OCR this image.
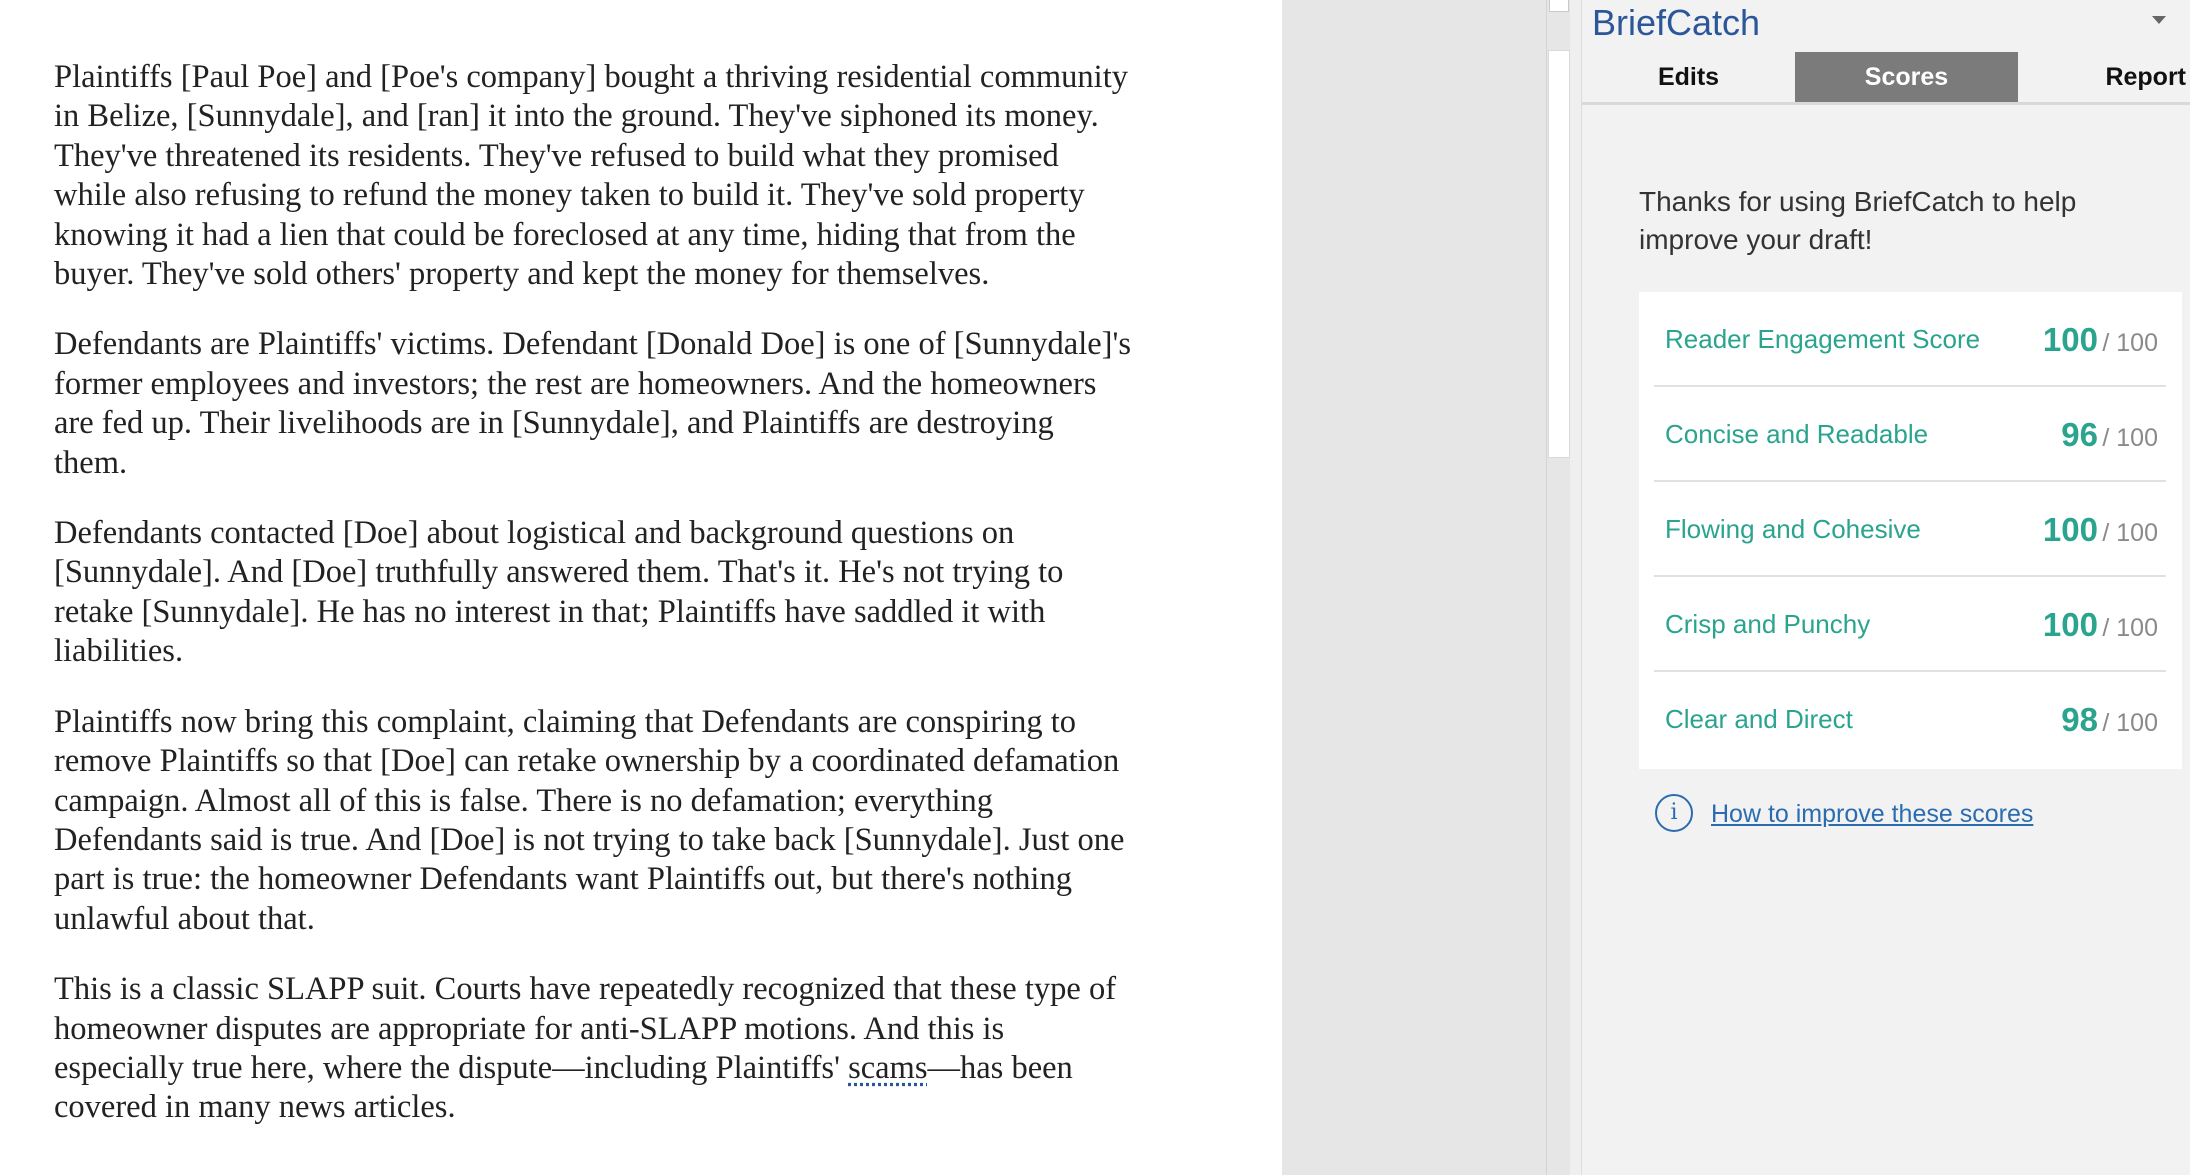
Plaintiffs [Paul Poe] and [Poe's company] bought a thriving residential community in Belize, [Sunnydale], and [ran] it into the ground. They've siphoned its money. They've threatened its residents. They've refused to build what they promised while also refusing to refund the money taken to build it. They've sold property knowing it had a lien that could be foreclosed at any time, hiding that from the buyer. They've sold others' property and kept the money for themselves.

Defendants are Plaintiffs' victims. Defendant [Donald Doe] is one of [Sunnydale]'s former employees and investors; the rest are homeowners. And the homeowners are fed up. Their livelihoods are in [Sunnydale], and Plaintiffs are destroying them.

Defendants contacted [Doe] about logistical and background questions on [Sunnydale]. And [Doe] truthfully answered them. That's it. He's not trying to retake [Sunnydale]. He has no interest in that; Plaintiffs have saddled it with liabilities.

Plaintiffs now bring this complaint, claiming that Defendants are conspiring to remove Plaintiffs so that [Doe] can retake ownership by a coordinated defamation campaign. Almost all of this is false. There is no defamation; everything Defendants said is true. And [Doe] is not trying to take back [Sunnydale]. Just one part is true: the homeowner Defendants want Plaintiffs out, but there's nothing unlawful about that.

This is a classic SLAPP suit. Courts have repeatedly recognized that these type of homeowner disputes are appropriate for anti-SLAPP motions. And this is especially true here, where the dispute—including Plaintiffs' scams—has been covered in many news articles.

BriefCatch
Edits	Scores	Report
Thanks for using BriefCatch to help improve your draft!
Reader Engagement Score 100 / 100
Concise and Readable	96 / 100
Flowing and Cohesive	100 / 100
Crisp and Punchy	100 / 100
Clear and Direct	98 / 100
i	How to improve these scores
